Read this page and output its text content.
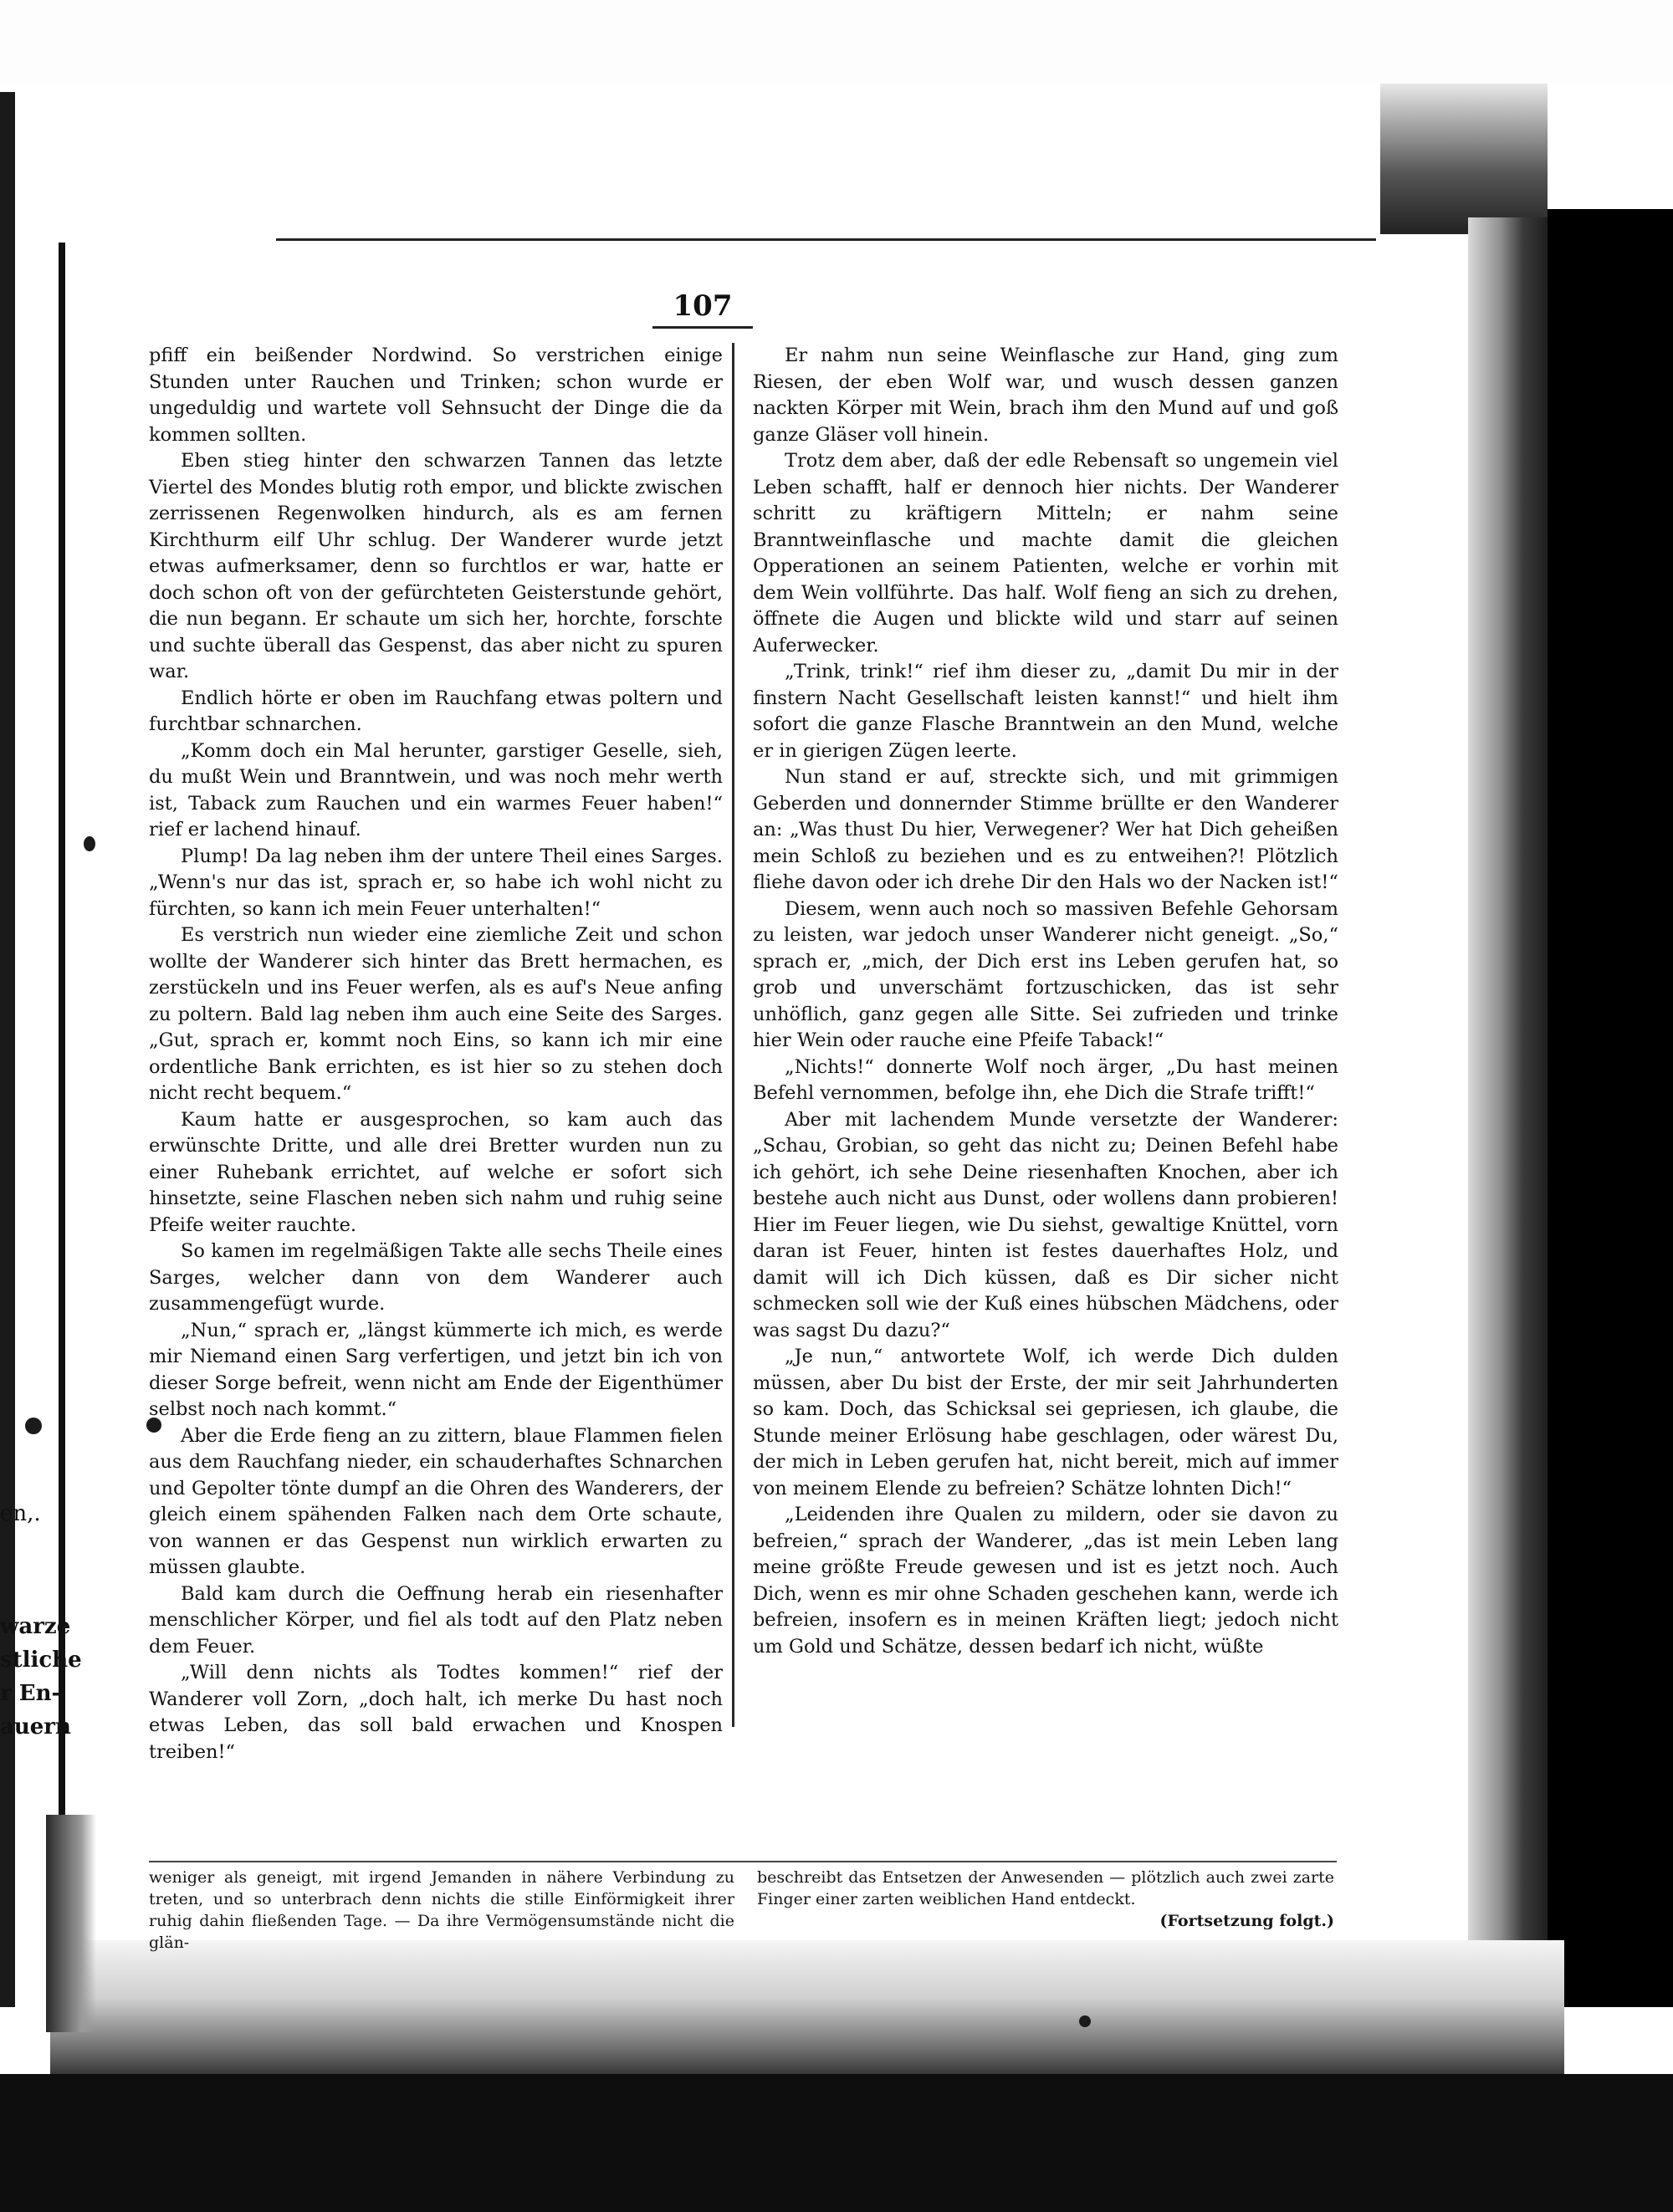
en,.
warze
stliche
r En-
auern
107

pfiff ein beißender Nordwind. So verstrichen einige Stunden unter Rauchen und Trinken; schon wurde er ungeduldig und wartete voll Sehnsucht der Dinge die da kommen sollten.

Eben stieg hinter den schwarzen Tannen das letzte Viertel des Mondes blutig roth empor, und blickte zwischen zerrissenen Regenwolken hindurch, als es am fernen Kirchthurm eilf Uhr schlug. Der Wanderer wurde jetzt etwas aufmerksamer, denn so furchtlos er war, hatte er doch schon oft von der gefürchteten Geisterstunde gehört, die nun begann. Er schaute um sich her, horchte, forschte und suchte überall das Gespenst, das aber nicht zu spuren war.

Endlich hörte er oben im Rauchfang etwas poltern und furchtbar schnarchen.

„Komm doch ein Mal herunter, garstiger Geselle, sieh, du mußt Wein und Branntwein, und was noch mehr werth ist, Taback zum Rauchen und ein warmes Feuer haben!“ rief er lachend hinauf.

Plump! Da lag neben ihm der untere Theil eines Sarges. „Wenn's nur das ist, sprach er, so habe ich wohl nicht zu fürchten, so kann ich mein Feuer unterhalten!“

Es verstrich nun wieder eine ziemliche Zeit und schon wollte der Wanderer sich hinter das Brett hermachen, es zerstückeln und ins Feuer werfen, als es auf's Neue anfing zu poltern. Bald lag neben ihm auch eine Seite des Sarges. „Gut, sprach er, kommt noch Eins, so kann ich mir eine ordentliche Bank errichten, es ist hier so zu stehen doch nicht recht bequem.“

Kaum hatte er ausgesprochen, so kam auch das erwünschte Dritte, und alle drei Bretter wurden nun zu einer Ruhebank errichtet, auf welche er sofort sich hinsetzte, seine Flaschen neben sich nahm und ruhig seine Pfeife weiter rauchte.

So kamen im regelmäßigen Takte alle sechs Theile eines Sarges, welcher dann von dem Wanderer auch zusammengefügt wurde.

„Nun,“ sprach er, „längst kümmerte ich mich, es werde mir Niemand einen Sarg verfertigen, und jetzt bin ich von dieser Sorge befreit, wenn nicht am Ende der Eigenthümer selbst noch nach kommt.“

Aber die Erde fieng an zu zittern, blaue Flammen fielen aus dem Rauchfang nieder, ein schauderhaftes Schnarchen und Gepolter tönte dumpf an die Ohren des Wanderers, der gleich einem spähenden Falken nach dem Orte schaute, von wannen er das Gespenst nun wirklich erwarten zu müssen glaubte.

Bald kam durch die Oeffnung herab ein riesenhafter menschlicher Körper, und fiel als todt auf den Platz neben dem Feuer.

„Will denn nichts als Todtes kommen!“ rief der Wanderer voll Zorn, „doch halt, ich merke Du hast noch etwas Leben, das soll bald erwachen und Knospen treiben!“

Er nahm nun seine Weinflasche zur Hand, ging zum Riesen, der eben Wolf war, und wusch dessen ganzen nackten Körper mit Wein, brach ihm den Mund auf und goß ganze Gläser voll hinein.

Trotz dem aber, daß der edle Rebensaft so ungemein viel Leben schafft, half er dennoch hier nichts. Der Wanderer schritt zu kräftigern Mitteln; er nahm seine Branntweinflasche und machte damit die gleichen Opperationen an seinem Patienten, welche er vorhin mit dem Wein vollführte. Das half. Wolf fieng an sich zu drehen, öffnete die Augen und blickte wild und starr auf seinen Auferwecker.

„Trink, trink!“ rief ihm dieser zu, „damit Du mir in der finstern Nacht Gesellschaft leisten kannst!“ und hielt ihm sofort die ganze Flasche Branntwein an den Mund, welche er in gierigen Zügen leerte.

Nun stand er auf, streckte sich, und mit grimmigen Geberden und donnernder Stimme brüllte er den Wanderer an: „Was thust Du hier, Verwegener? Wer hat Dich geheißen mein Schloß zu beziehen und es zu entweihen?! Plötzlich fliehe davon oder ich drehe Dir den Hals wo der Nacken ist!“

Diesem, wenn auch noch so massiven Befehle Gehorsam zu leisten, war jedoch unser Wanderer nicht geneigt. „So,“ sprach er, „mich, der Dich erst ins Leben gerufen hat, so grob und unverschämt fortzuschicken, das ist sehr unhöflich, ganz gegen alle Sitte. Sei zufrieden und trinke hier Wein oder rauche eine Pfeife Taback!“

„Nichts!“ donnerte Wolf noch ärger, „Du hast meinen Befehl vernommen, befolge ihn, ehe Dich die Strafe trifft!“

Aber mit lachendem Munde versetzte der Wanderer: „Schau, Grobian, so geht das nicht zu; Deinen Befehl habe ich gehört, ich sehe Deine riesenhaften Knochen, aber ich bestehe auch nicht aus Dunst, oder wollens dann probieren! Hier im Feuer liegen, wie Du siehst, gewaltige Knüttel, vorn daran ist Feuer, hinten ist festes dauerhaftes Holz, und damit will ich Dich küssen, daß es Dir sicher nicht schmecken soll wie der Kuß eines hübschen Mädchens, oder was sagst Du dazu?“

„Je nun,“ antwortete Wolf, ich werde Dich dulden müssen, aber Du bist der Erste, der mir seit Jahrhunderten so kam. Doch, das Schicksal sei gepriesen, ich glaube, die Stunde meiner Erlösung habe geschlagen, oder wärest Du, der mich in Leben gerufen hat, nicht bereit, mich auf immer von meinem Elende zu befreien? Schätze lohnten Dich!“

„Leidenden ihre Qualen zu mildern, oder sie davon zu befreien,“ sprach der Wanderer, „das ist mein Leben lang meine größte Freude gewesen und ist es jetzt noch. Auch Dich, wenn es mir ohne Schaden geschehen kann, werde ich befreien, insofern es in meinen Kräften liegt; jedoch nicht um Gold und Schätze, dessen bedarf ich nicht, wüßte

weniger als geneigt, mit irgend Jemanden in nähere Verbindung zu treten, und so unterbrach denn nichts die stille Einförmigkeit ihrer ruhig dahin fließenden Tage. — Da ihre Vermögensumstände nicht die glän-

beschreibt das Entsetzen der Anwesenden — plötzlich auch zwei zarte Finger einer zarten weiblichen Hand entdeckt.

(Fortsetzung folgt.)
